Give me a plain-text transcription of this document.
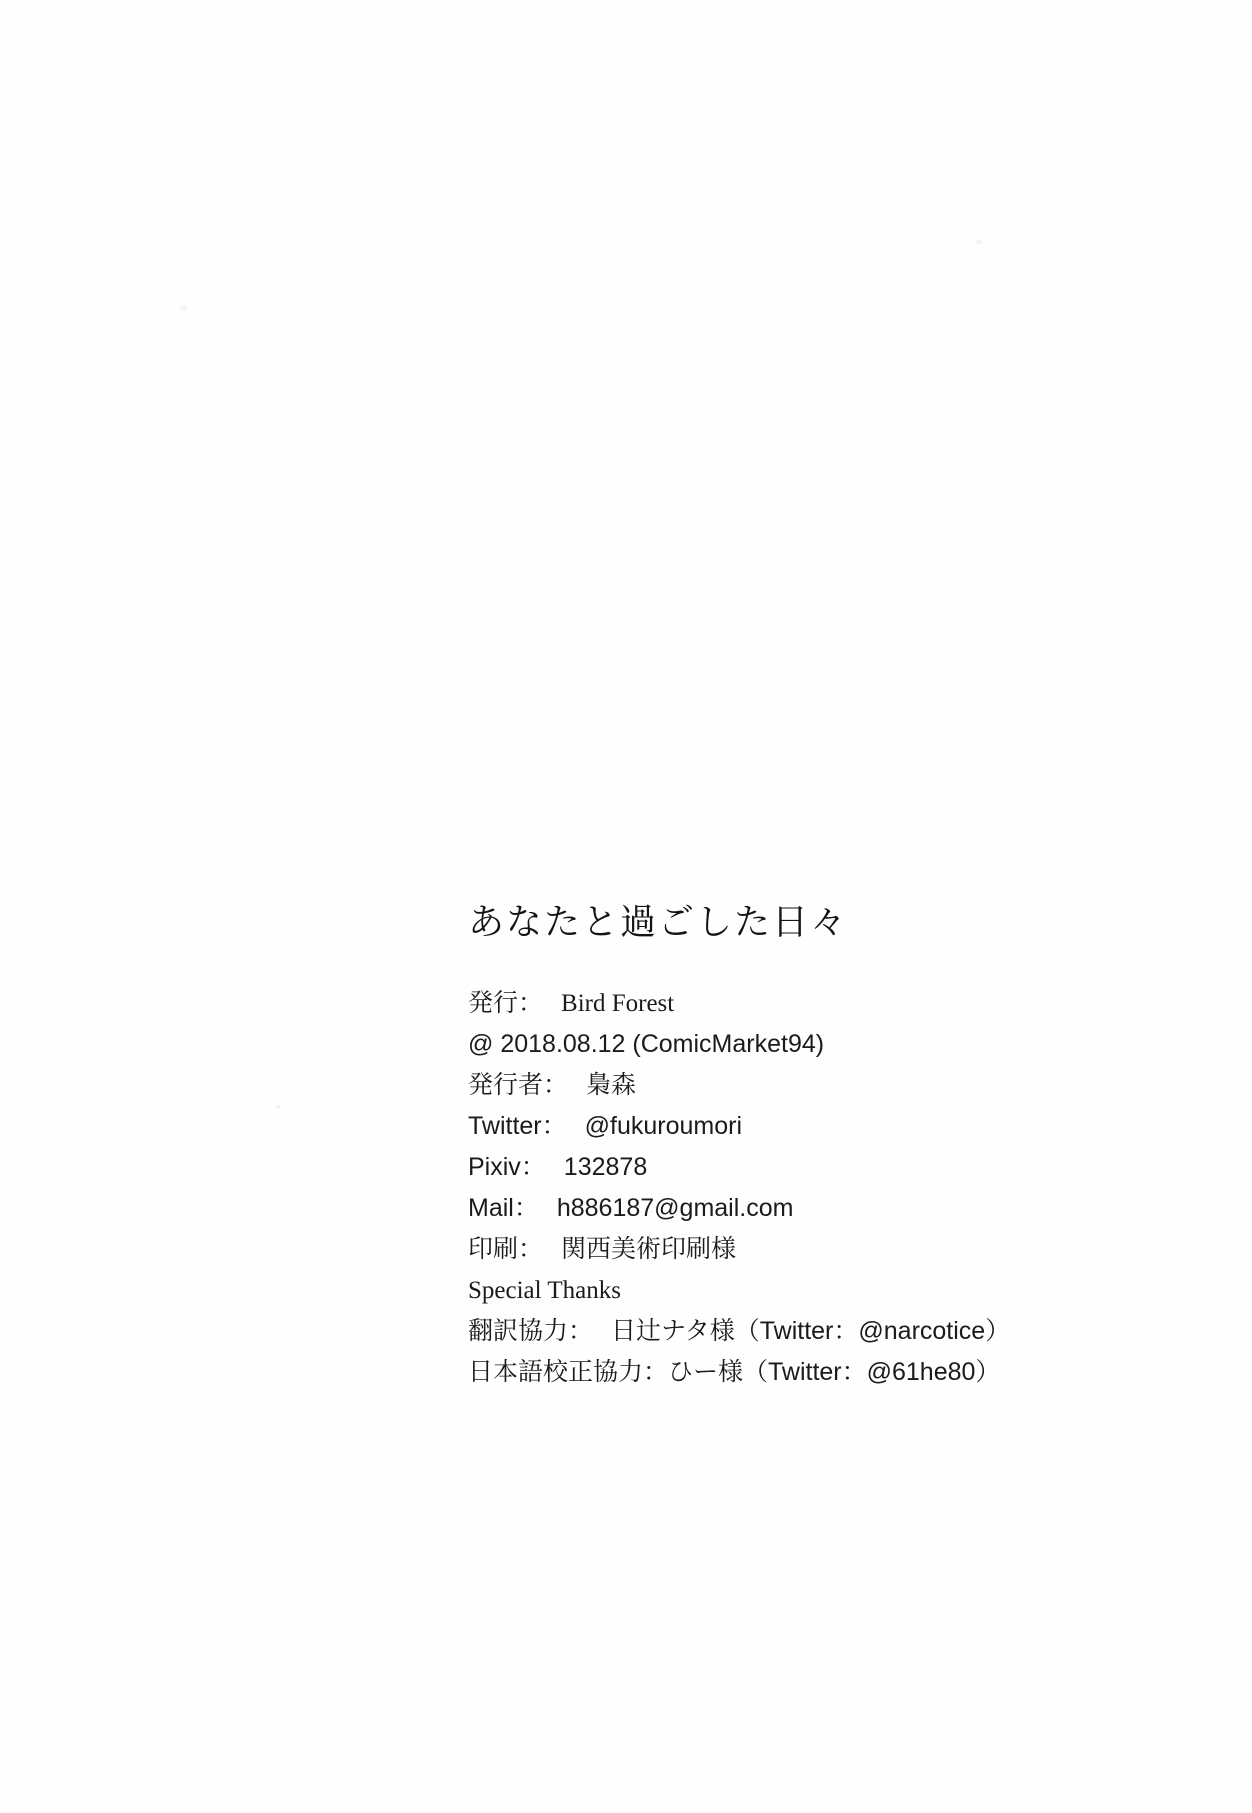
あなたと過ごした日々
発行： Bird Forest
@ 2018.08.12 (ComicMarket94)
発行者： 梟森
Twitter： @fukuroumori
Pixiv： 132878
Mail： h886187@gmail.com
印刷： 関西美術印刷様
Special Thanks
翻訳協力： 日辻ナタ様（Twitter：@narcotice）
日本語校正協力：ひー様（Twitter：@61he80）
